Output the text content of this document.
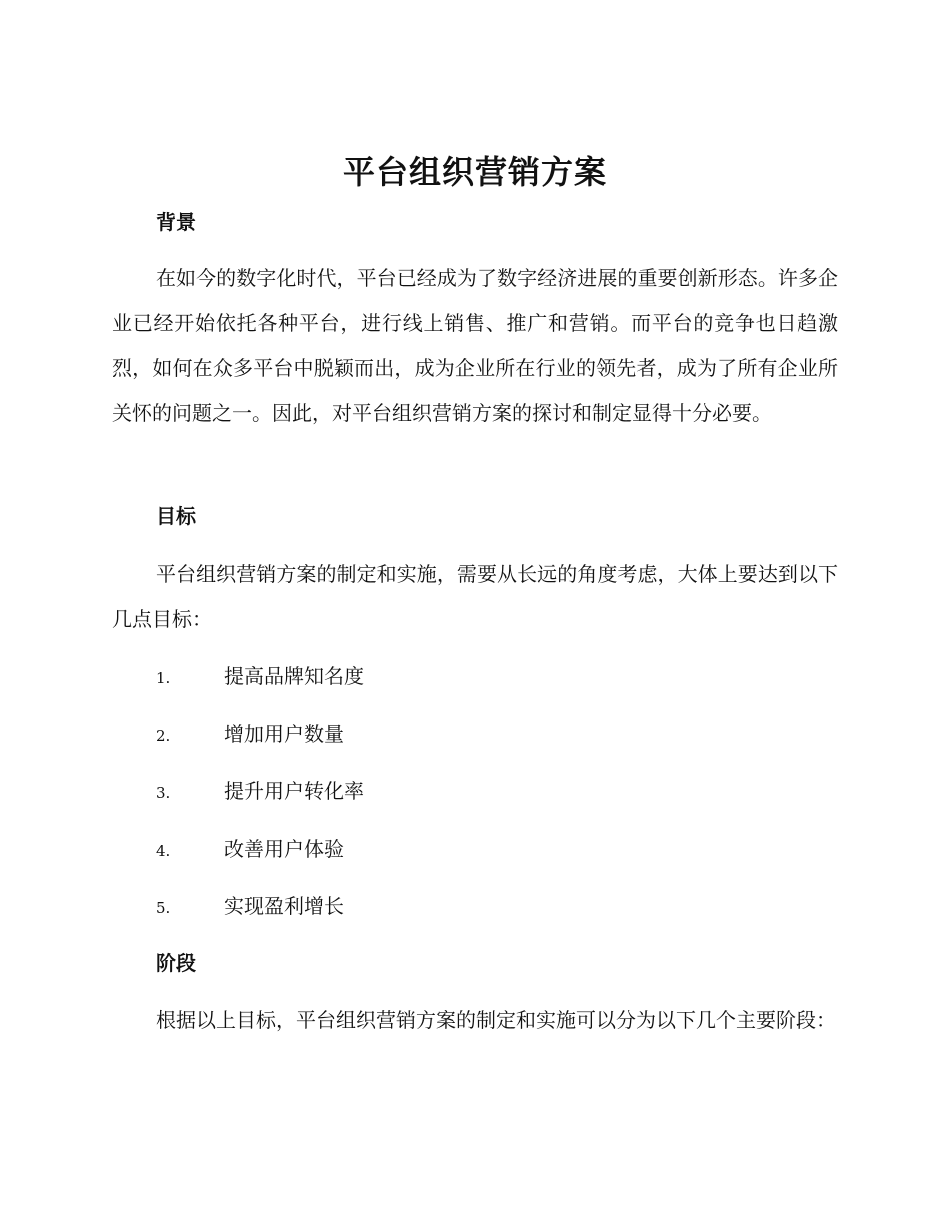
平台组织营销方案
背景
在如今的数字化时代，平台已经成为了数字经济进展的重要创新形态。许多企业已经开始依托各种平台，进行线上销售、推广和营销。而平台的竞争也日趋激烈，如何在众多平台中脱颖而出，成为企业所在行业的领先者，成为了所有企业所关怀的问题之一。因此，对平台组织营销方案的探讨和制定显得十分必要。
目标
平台组织营销方案的制定和实施，需要从长远的角度考虑，大体上要达到以下几点目标：
1.	提高品牌知名度
2.	增加用户数量
3.	提升用户转化率
4.	改善用户体验
5.	实现盈利增长
阶段
根据以上目标，平台组织营销方案的制定和实施可以分为以下几个主要阶段：
